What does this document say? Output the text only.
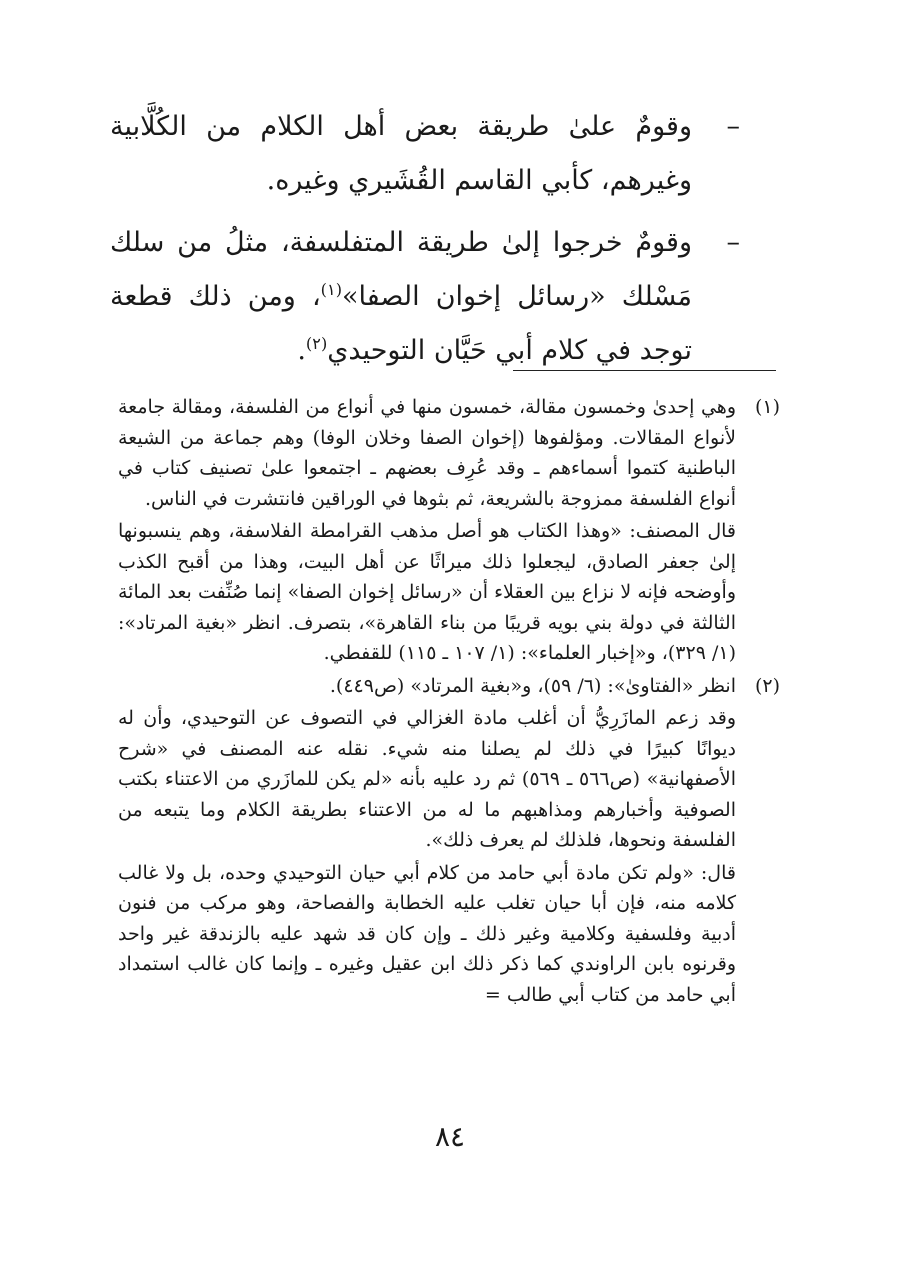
–
وقومٌ علىٰ طريقة بعض أهل الكلام من الكُلَّابية وغيرهم، كأبي القاسم القُشَيري وغيره.
–
وقومٌ خرجوا إلىٰ طريقة المتفلسفة، مثلُ من سلك مَسْلك «رسائل إخوان الصفا»$^{(١)}$، ومن ذلك قطعة توجد في كلام أبي حَيَّان التوحيدي$^{(٢)}$.
(١)

وهي إحدىٰ وخمسون مقالة، خمسون منها في أنواع من الفلسفة، ومقالة جامعة لأنواع المقالات. ومؤلفوها (إخوان الصفا وخلان الوفا) وهم جماعة من الشيعة الباطنية كتموا أسماءهم ـ وقد عُرِف بعضهم ـ اجتمعوا علىٰ تصنيف كتاب في أنواع الفلسفة ممزوجة بالشريعة، ثم بثوها في الوراقين فانتشرت في الناس.

قال المصنف: «وهذا الكتاب هو أصل مذهب القرامطة الفلاسفة، وهم ينسبونها إلىٰ جعفر الصادق، ليجعلوا ذلك ميراثًا عن أهل البيت، وهذا من أقبح الكذب وأوضحه فإنه لا نزاع بين العقلاء أن «رسائل إخوان الصفا» إنما صُنِّفت بعد المائة الثالثة في دولة بني بويه قريبًا من بناء القاهرة»، بتصرف. انظر «بغية المرتاد»: (١/ ٣٢٩)، و«إخبار العلماء»: (١/ ١٠٧ ـ ١١٥) للقفطي.

(٢)

انظر «الفتاوىٰ»: (٦/ ٥٩)، و«بغية المرتاد» (ص٤٤٩).

وقد زعم المازَرِيُّ أن أغلب مادة الغزالي في التصوف عن التوحيدي، وأن له ديوانًا كبيرًا في ذلك لم يصلنا منه شيء. نقله عنه المصنف في «شرح الأصفهانية» (ص٥٦٦ ـ ٥٦٩) ثم رد عليه بأنه «لم يكن للمازَري من الاعتناء بكتب الصوفية وأخبارهم ومذاهبهم ما له من الاعتناء بطريقة الكلام وما يتبعه من الفلسفة ونحوها، فلذلك لم يعرف ذلك».

قال: «ولم تكن مادة أبي حامد من كلام أبي حيان التوحيدي وحده، بل ولا غالب كلامه منه، فإن أبا حيان تغلب عليه الخطابة والفصاحة، وهو مركب من فنون أدبية وفلسفية وكلامية وغير ذلك ـ وإن كان قد شهد عليه بالزندقة غير واحد وقرنوه بابن الراوندي كما ذكر ذلك ابن عقيل وغيره ـ وإنما كان غالب استمداد أبي حامد من كتاب أبي طالب =

٨٤
